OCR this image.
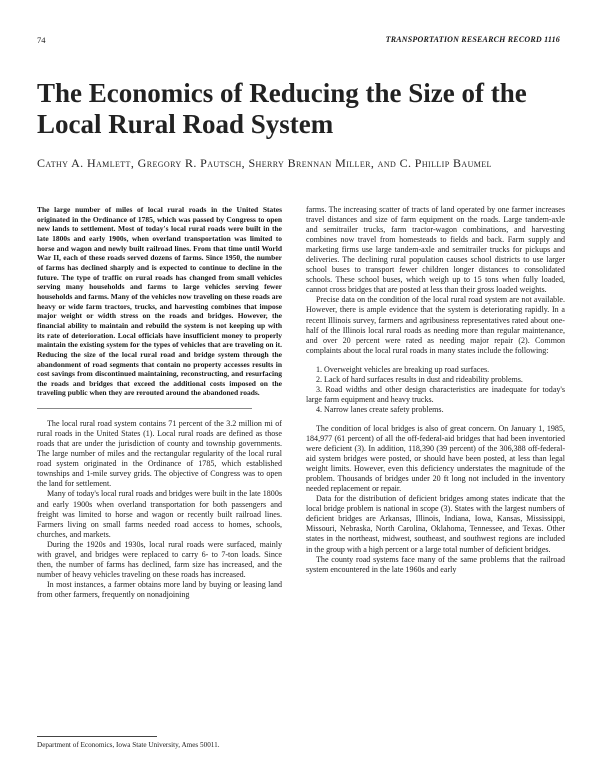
74	TRANSPORTATION RESEARCH RECORD 1116
The Economics of Reducing the Size of the Local Rural Road System
Cathy A. Hamlett, Gregory R. Pautsch, Sherry Brennan Miller, and C. Phillip Baumel

The large number of miles of local rural roads in the United States originated in the Ordinance of 1785, which was passed by Congress to open new lands to settlement. Most of today's local rural roads were built in the late 1800s and early 1900s, when overland transportation was limited to horse and wagon and newly built railroad lines. From that time until World War II, each of these roads served dozens of farms. Since 1950, the number of farms has declined sharply and is expected to continue to decline in the future. The type of traffic on rural roads has changed from small vehicles serving many households and farms to large vehicles serving fewer households and farms. Many of the vehicles now traveling on these roads are heavy or wide farm tractors, trucks, and harvesting combines that impose major weight or width stress on the roads and bridges. However, the financial ability to maintain and rebuild the system is not keeping up with its rate of deterioration. Local officials have insufficient money to properly maintain the existing system for the types of vehicles that are traveling on it. Reducing the size of the local rural road and bridge system through the abandonment of road segments that contain no property accesses results in cost savings from discontinued maintaining, reconstructing, and resurfacing the roads and bridges that exceed the additional costs imposed on the traveling public when they are rerouted around the abandoned roads.

The local rural road system contains 71 percent of the 3.2 million mi of rural roads in the United States (1). Local rural roads are defined as those roads that are under the jurisdiction of county and township governments. The large number of miles and the rectangular regularity of the local rural road system originated in the Ordinance of 1785, which established townships and 1-mile survey grids. The objective of Congress was to open the land for settlement.

Many of today's local rural roads and bridges were built in the late 1800s and early 1900s when overland transportation for both passengers and freight was limited to horse and wagon or recently built railroad lines. Farmers living on small farms needed road access to homes, schools, churches, and markets.

During the 1920s and 1930s, local rural roads were surfaced, mainly with gravel, and bridges were replaced to carry 6- to 7-ton loads. Since then, the number of farms has declined, farm size has increased, and the number of heavy vehicles traveling on these roads has increased.

In most instances, a farmer obtains more land by buying or leasing land from other farmers, frequently on nonadjoining

Department of Economics, Iowa State University, Ames 50011.

farms. The increasing scatter of tracts of land operated by one farmer increases travel distances and size of farm equipment on the roads. Large tandem-axle and semitrailer trucks, farm tractor-wagon combinations, and harvesting combines now travel from homesteads to fields and back. Farm supply and marketing firms use large tandem-axle and semitrailer trucks for pickups and deliveries. The declining rural population causes school districts to use larger school buses to transport fewer children longer distances to consolidated schools. These school buses, which weigh up to 15 tons when fully loaded, cannot cross bridges that are posted at less than their gross loaded weights.

Precise data on the condition of the local rural road system are not available. However, there is ample evidence that the system is deteriorating rapidly. In a recent Illinois survey, farmers and agribusiness representatives rated about one-half of the Illinois local rural roads as needing more than regular maintenance, and over 20 percent were rated as needing major repair (2). Common complaints about the local rural roads in many states include the following:

1. Overweight vehicles are breaking up road surfaces.

2. Lack of hard surfaces results in dust and rideability problems.

3. Road widths and other design characteristics are inadequate for today's large farm equipment and heavy trucks.

4. Narrow lanes create safety problems.

The condition of local bridges is also of great concern. On January 1, 1985, 184,977 (61 percent) of all the off-federal-aid bridges that had been inventoried were deficient (3). In addition, 118,390 (39 percent) of the 306,388 off-federal-aid system bridges were posted, or should have been posted, at less than legal weight limits. However, even this deficiency understates the magnitude of the problem. Thousands of bridges under 20 ft long not included in the inventory needed replacement or repair.

Data for the distribution of deficient bridges among states indicate that the local bridge problem is national in scope (3). States with the largest numbers of deficient bridges are Arkansas, Illinois, Indiana, Iowa, Kansas, Mississippi, Missouri, Nebraska, North Carolina, Oklahoma, Tennessee, and Texas. Other states in the northeast, midwest, southeast, and southwest regions are included in the group with a high percent or a large total number of deficient bridges.

The county road systems face many of the same problems that the railroad system encountered in the late 1960s and early
